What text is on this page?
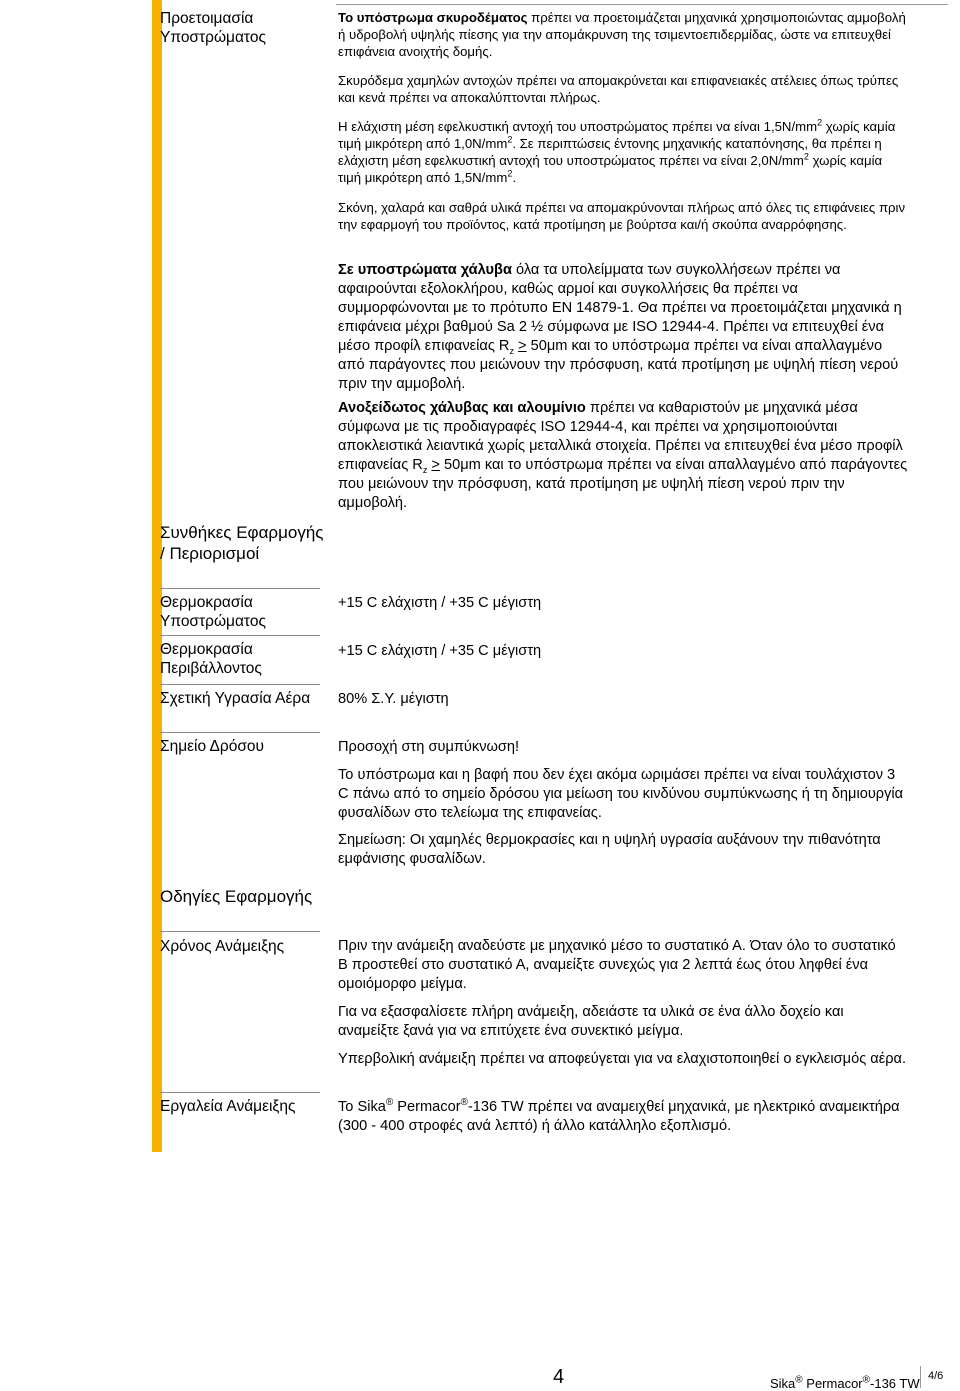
Προετοιμασία Υποστρώματος
Συνθήκες Εφαρμογής / Περιορισμοί
Θερμοκρασία Υποστρώματος
Θερμοκρασία Περιβάλλοντος
Σχετική Υγρασία Αέρα
Σημείο Δρόσου
Οδηγίες Εφαρμογής
Χρόνος Ανάμειξης
Εργαλεία Ανάμειξης

Το υπόστρωμα σκυροδέματος πρέπει να προετοιμάζεται μηχανικά χρησιμοποιώντας αμμοβολή ή υδροβολή υψηλής πίεσης για την απομάκρυνση της τσιμεντοεπιδερμίδας, ώστε να επιτευχθεί επιφάνεια ανοιχτής δομής.

Σκυρόδεμα χαμηλών αντοχών πρέπει να απομακρύνεται και επιφανειακές ατέλειες όπως τρύπες και κενά πρέπει να αποκαλύπτονται πλήρως.

Η ελάχιστη μέση εφελκυστική αντοχή του υποστρώματος πρέπει να είναι $1,5N/mm^2$ χωρίς καμία τιμή μικρότερη από $1,0N/mm^2$. Σε περιπτώσεις έντονης μηχανικής καταπόνησης, θα πρέπει η ελάχιστη μέση εφελκυστική αντοχή του υποστρώματος πρέπει να είναι $2,0N/mm^2$ χωρίς καμία τιμή μικρότερη από $1,5N/mm^2$.

Σκόνη, χαλαρά και σαθρά υλικά πρέπει να απομακρύνονται πλήρως από όλες τις επιφάνειες πριν την εφαρμογή του προϊόντος, κατά προτίμηση με βούρτσα και/ή σκούπα αναρρόφησης.

Σε υποστρώματα χάλυβα όλα τα υπολείμματα των συγκολλήσεων πρέπει να αφαιρούνται εξολοκλήρου, καθώς αρμοί και συγκολλήσεις θα πρέπει να συμμορφώνονται με το πρότυπο EN 14879-1. Θα πρέπει να προετοιμάζεται μηχανικά η επιφάνεια μέχρι βαθμού Sa 2 ½ σύμφωνα με ISO 12944-4. Πρέπει να επιτευχθεί ένα μέσο προφίλ επιφανείας $R_z \ge 50\mu m$ και το υπόστρωμα πρέπει να είναι απαλλαγμένο από παράγοντες που μειώνουν την πρόσφυση, κατά προτίμηση με υψηλή πίεση νερού πριν την αμμοβολή.

Ανοξείδωτος χάλυβας και αλουμίνιο πρέπει να καθαριστούν με μηχανικά μέσα σύμφωνα με τις προδιαγραφές ISO 12944-4, και πρέπει να χρησιμοποιούνται αποκλειστικά λειαντικά χωρίς μεταλλικά στοιχεία. Πρέπει να επιτευχθεί ένα μέσο προφίλ επιφανείας $R_z \ge 50\mu m$ και το υπόστρωμα πρέπει να είναι απαλλαγμένο από παράγοντες που μειώνουν την πρόσφυση, κατά προτίμηση με υψηλή πίεση νερού πριν την αμμοβολή.

+15 C ελάχιστη / +35 C μέγιστη

+15 C ελάχιστη / +35 C μέγιστη

80% Σ.Υ. μέγιστη

Προσοχή στη συμπύκνωση!

Το υπόστρωμα και η βαφή που δεν έχει ακόμα ωριμάσει πρέπει να είναι τουλάχιστον 3 C πάνω από το σημείο δρόσου για μείωση του κινδύνου συμπύκνωσης ή τη δημιουργία φυσαλίδων στο τελείωμα της επιφανείας.

Σημείωση: Οι χαμηλές θερμοκρασίες και η υψηλή υγρασία αυξάνουν την πιθανότητα εμφάνισης φυσαλίδων.

Πριν την ανάμειξη αναδεύστε με μηχανικό μέσο το συστατικό Α. Όταν όλο το συστατικό Β προστεθεί στο συστατικό Α, αναμείξτε συνεχώς για 2 λεπτά έως ότου ληφθεί ένα ομοιόμορφο μείγμα.

Για να εξασφαλίσετε πλήρη ανάμειξη, αδειάστε τα υλικά σε ένα άλλο δοχείο και αναμείξτε ξανά για να επιτύχετε ένα συνεκτικό μείγμα.

Υπερβολική ανάμειξη πρέπει να αποφεύγεται για να ελαχιστοποιηθεί ο εγκλεισμός αέρα.

Το Sika® Permacor®-136 TW πρέπει να αναμειχθεί μηχανικά, με ηλεκτρικό αναμεικτήρα (300 - 400 στροφές ανά λεπτό) ή άλλο κατάλληλο εξοπλισμό.

4	Sika® Permacor®-136 TW 4/6
